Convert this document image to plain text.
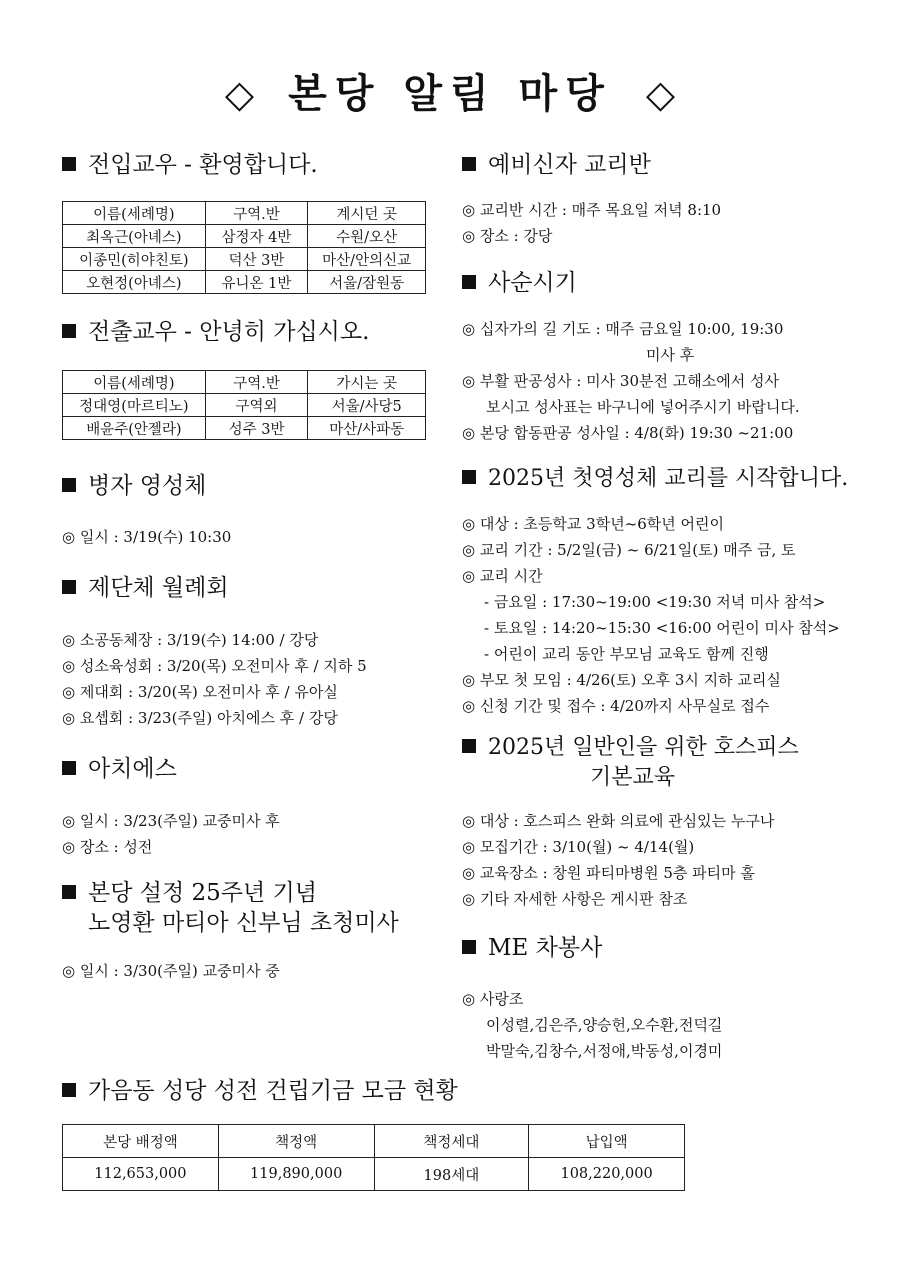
◇ 본당 알림 마당 ◇
전입교우 - 환영합니다.
이름(세례명)	구역.반	계시던 곳
최옥근(아녜스)	삼정자 4반	수원/오산
이종민(히야친토)	덕산 3반	마산/안의신교
오현정(아녜스)	유니온 1반	서울/잠원동
전출교우 - 안녕히 가십시오.
이름(세례명)	구역.반	가시는 곳
정대영(마르티노)	구역외	서울/사당5
배윤주(안젤라)	성주 3반	마산/사파동
병자 영성체
◎ 일시 : 3/19(수) 10:30
제단체 월례회
◎ 소공동체장 : 3/19(수) 14:00 / 강당
◎ 성소육성회 : 3/20(목) 오전미사 후 / 지하 5
◎ 제대회 : 3/20(목) 오전미사 후 / 유아실
◎ 요셉회 : 3/23(주일) 아치에스 후 / 강당
아치에스
◎ 일시 : 3/23(주일) 교중미사 후
◎ 장소 : 성전
본당 설정 25주년 기념
노영환 마티아 신부님 초청미사
◎ 일시 : 3/30(주일) 교중미사 중
예비신자 교리반
◎ 교리반 시간 : 매주 목요일 저녁 8:10
◎ 장소 : 강당
사순시기
◎ 십자가의 길 기도 : 매주 금요일 10:00, 19:30
미사 후
◎ 부활 판공성사 : 미사 30분전 고해소에서 성사
보시고 성사표는 바구니에 넣어주시기 바랍니다.
◎ 본당 합동판공 성사일 : 4/8(화) 19:30 ~21:00
2025년 첫영성체 교리를 시작합니다.
◎ 대상 : 초등학교 3학년~6학년 어린이
◎ 교리 기간 : 5/2일(금) ~ 6/21일(토) 매주 금, 토
◎ 교리 시간
- 금요일 : 17:30~19:00 <19:30 저녁 미사 참석>
- 토요일 : 14:20~15:30 <16:00 어린이 미사 참석>
- 어린이 교리 동안 부모님 교육도 함께 진행
◎ 부모 첫 모임 : 4/26(토) 오후 3시 지하 교리실
◎ 신청 기간 및 접수 : 4/20까지 사무실로 접수
2025년 일반인을 위한 호스피스
기본교육
◎ 대상 : 호스피스 완화 의료에 관심있는 누구나
◎ 모집기간 : 3/10(월) ~ 4/14(월)
◎ 교육장소 : 창원 파티마병원 5층 파티마 홀
◎ 기타 자세한 사항은 게시판 참조
ME 차봉사
◎ 사랑조
이성렬,김은주,양승헌,오수환,전덕길
박말숙,김창수,서정애,박동성,이경미
가음동 성당 성전 건립기금 모금 현황
본당 배정액	책정액	책정세대	납입액
112,653,000	119,890,000	198세대	108,220,000
